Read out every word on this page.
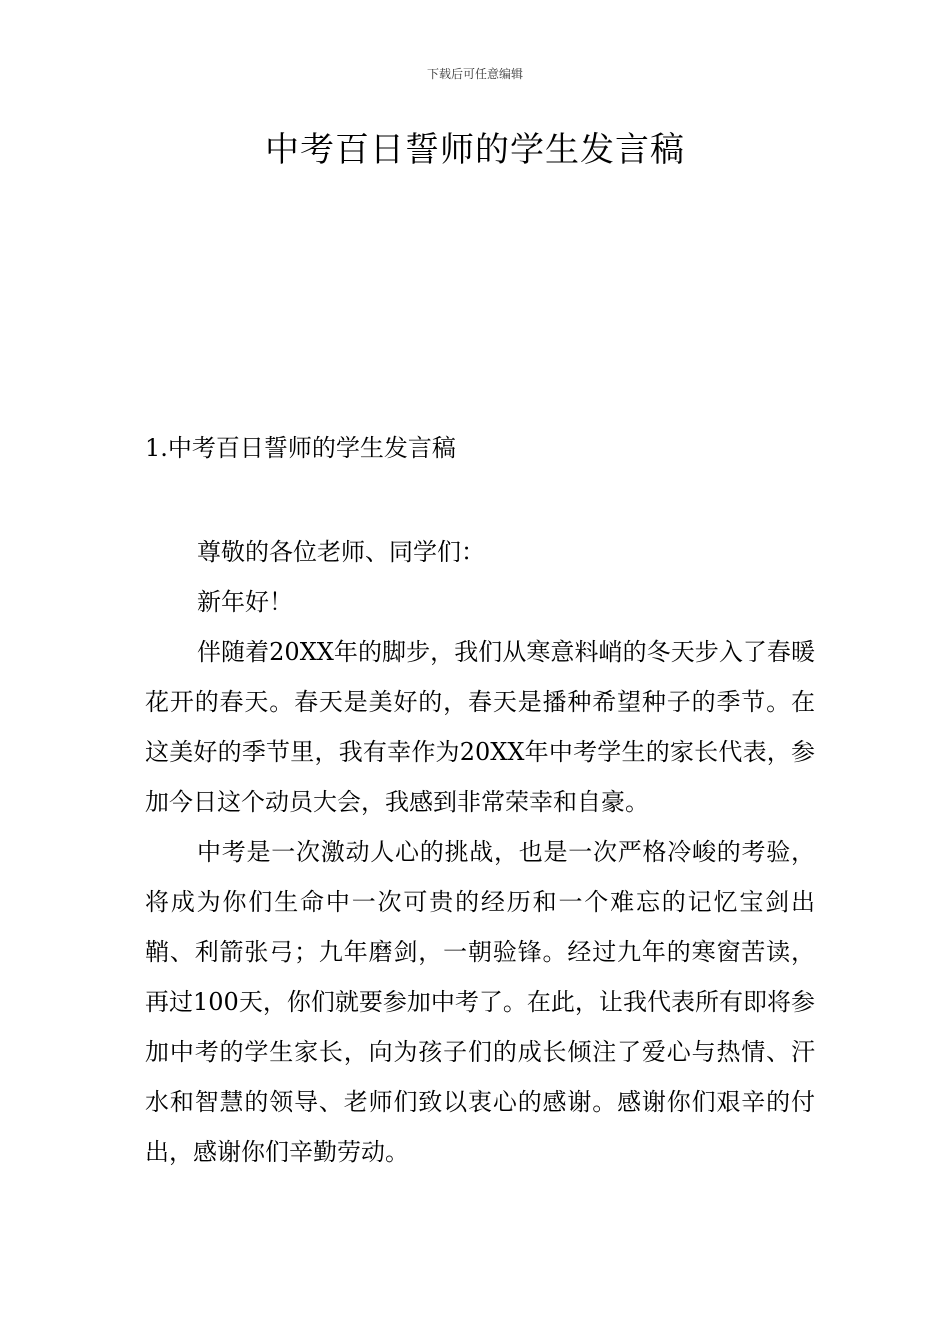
下载后可任意编辑
中考百日誓师的学生发言稿
1.中考百日誓师的学生发言稿

尊敬的各位老师、同学们：

新年好！

伴随着20XX年的脚步，我们从寒意料峭的冬天步入了春暖花开的春天。春天是美好的，春天是播种希望种子的季节。在这美好的季节里，我有幸作为20XX年中考学生的家长代表，参加今日这个动员大会，我感到非常荣幸和自豪。

中考是一次激动人心的挑战，也是一次严格冷峻的考验，将成为你们生命中一次可贵的经历和一个难忘的记忆宝剑出鞘、利箭张弓；九年磨剑，一朝验锋。经过九年的寒窗苦读，再过100天，你们就要参加中考了。在此，让我代表所有即将参加中考的学生家长，向为孩子们的成长倾注了爱心与热情、汗水和智慧的领导、老师们致以衷心的感谢。感谢你们艰辛的付出，感谢你们辛勤劳动。
